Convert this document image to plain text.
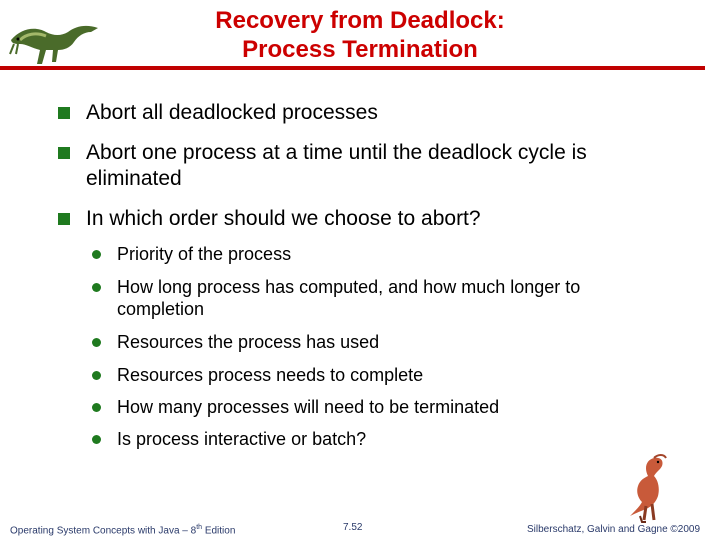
Recovery from Deadlock:
Process Termination
Abort all deadlocked processes
Abort one process at a time until the deadlock cycle is eliminated
In which order should we choose to abort?
Priority of the process
How long process has computed, and how much longer to completion
Resources the process has used
Resources process needs to complete
How many processes will need to be terminated
Is process interactive or batch?
Operating System Concepts with Java – 8th Edition	7.52	Silberschatz, Galvin and Gagne ©2009
